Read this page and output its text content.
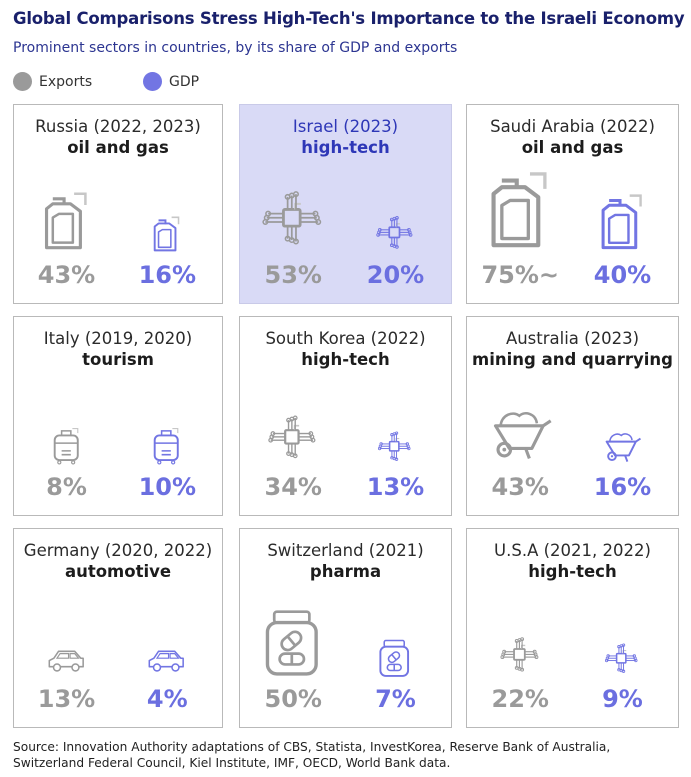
Global Comparisons Stress High-Tech's Importance to the Israeli Economy
Prominent sectors in countries, by its share of GDP and exports
Exports	GDP
Russia (2022, 2023)
oil and gas
43%	16%
Israel (2023)
high-tech
53%	20%
Saudi Arabia (2022)
oil and gas
75%~	40%
Italy (2019, 2020)
tourism
8%	10%
South Korea (2022)
high-tech
34%	13%
Australia (2023)
mining and quarrying
43%	16%
Germany (2020, 2022)
automotive
13%	4%
Switzerland (2021)
pharma
50%	7%
U.S.A (2021, 2022)
high-tech
22%	9%
Source: Innovation Authority adaptations of CBS, Statista, InvestKorea, Reserve Bank of Australia, Switzerland Federal Council, Kiel Institute, IMF, OECD, World Bank data.
